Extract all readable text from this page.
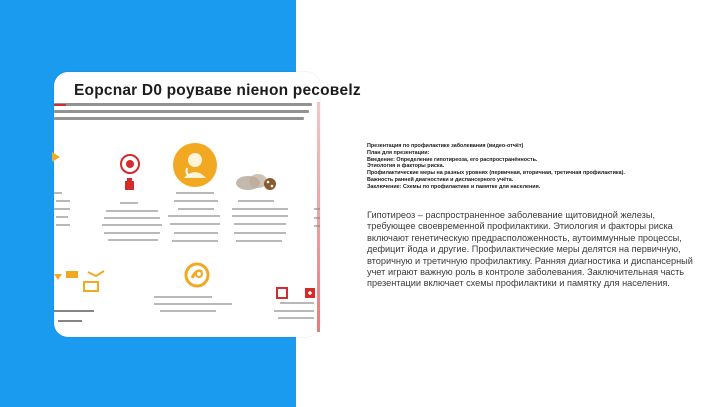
Eopcnar D0 poyвaвe nieнon pecoвelz
Презентация по профилактике заболевания (видео-отчёт)
План для презентации:
Введение: Определение гипотиреоза, его распространённость.
Этиология и факторы риска.
Профилактические меры на разных уровнях (первичная, вторичная, третичная профилактика).
Важность ранней диагностики и диспансерного учёта.
Заключение: Схемы по профилактике и памятке для населения.
Гипотиреоз – распространенное заболевание щитовидной железы, требующее своевременной профилактики. Этиология и факторы риска включают генетическую предрасположенность, аутоиммунные процессы, дефицит йода и другие. Профилактические меры делятся на первичную, вторичную и третичную профилактику. Ранняя диагностика и диспансерный учет играют важную роль в контроле заболевания. Заключительная часть презентации включает схемы профилактики и памятку для населения.
